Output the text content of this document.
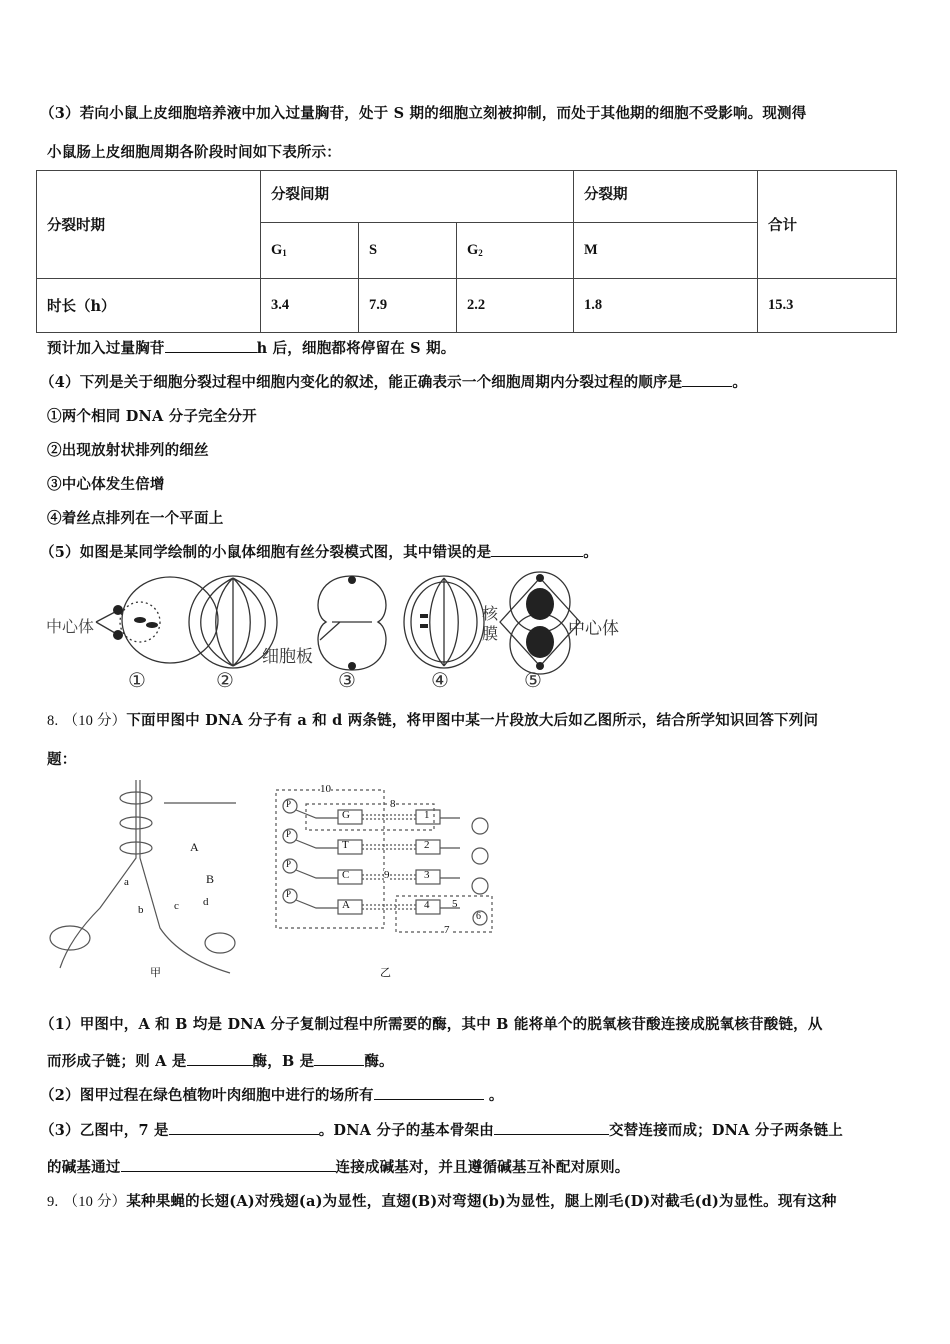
（3）若向小鼠上皮细胞培养液中加入过量胸苷，处于 S 期的细胞立刻被抑制，而处于其他期的细胞不受影响。现测得
小鼠肠上皮细胞周期各阶段时间如下表所示：
分裂时期	分裂间期			分裂期	合计
	$G_1$	S	$G_2$	M	
时长（h）	3.4	7.9	2.2	1.8	15.3
预计加入过量胸苷	h 后，细胞都将停留在 S 期。
（4）下列是关于细胞分裂过程中细胞内变化的叙述，能正确表示一个细胞周期内分裂过程的顺序是	。
①两个相同 DNA 分子完全分开
②出现放射状排列的细丝
③中心体发生倍增
④着丝点排列在一个平面上
（5）如图是某同学绘制的小鼠体细胞有丝分裂模式图，其中错误的是	。
中心体
细胞板
核膜	中心体
①	②	③	④	⑤
8. （10 分）下面甲图中 DNA 分子有 a 和 d 两条链，将甲图中某一片段放大后如乙图所示，结合所学知识回答下列问
题：
A
B
a
b	c d
G
T
C
A
1
2
3
4
P
P
P
P
5
6
7
8
9
10
甲	乙
（1）甲图中，A 和 B 均是 DNA 分子复制过程中所需要的酶，其中 B 能将单个的脱氧核苷酸连接成脱氧核苷酸链，从
而形成子链；则 A 是	酶，B 是	酶。
（2）图甲过程在绿色植物叶肉细胞中进行的场所有	。
（3）乙图中，7 是	。DNA 分子的基本骨架由	交替连接而成；DNA 分子两条链上
的碱基通过	连接成碱基对，并且遵循碱基互补配对原则。
9. （10 分）某种果蝇的长翅(A)对残翅(a)为显性，直翅(B)对弯翅(b)为显性，腿上刚毛(D)对截毛(d)为显性。现有这种
